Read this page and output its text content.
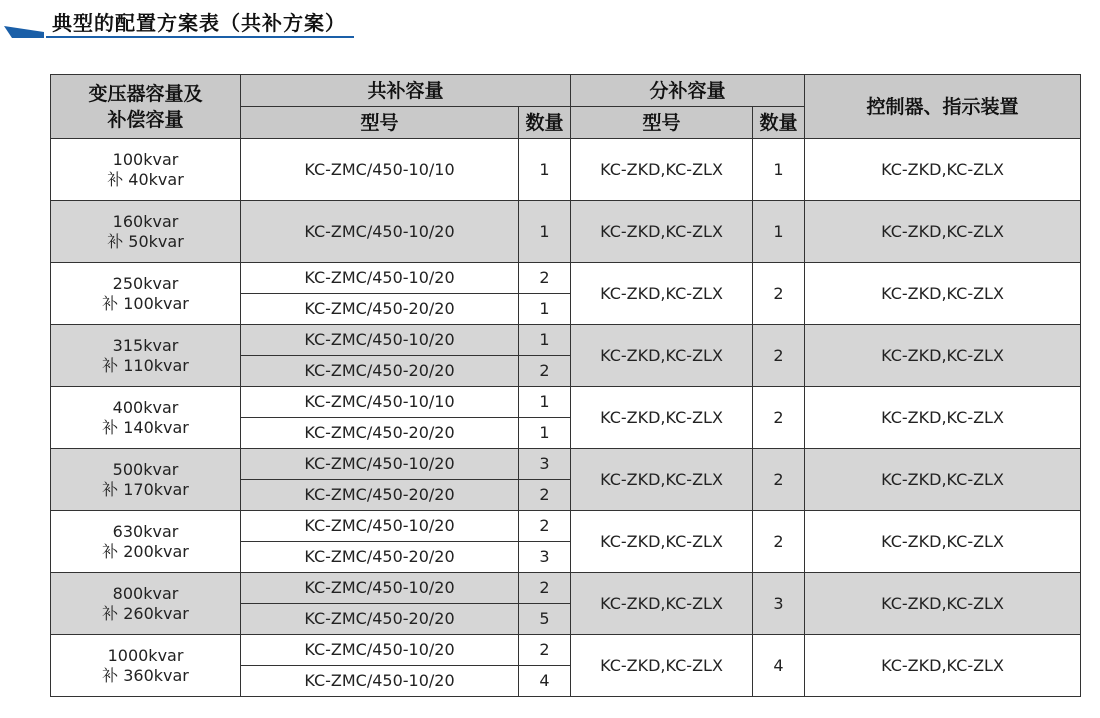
典型的配置方案表（共补方案）
变压器容量及
补偿容量	共补容量		分补容量		控制器、指示装置
	型号	数量	型号	数量	

100kvar
补 40kvar	KC-ZMC/450-10/10	1	KC-ZKD,KC-ZLX	1	KC-ZKD,KC-ZLX

160kvar
补 50kvar	KC-ZMC/450-10/20	1	KC-ZKD,KC-ZLX	1	KC-ZKD,KC-ZLX

250kvar
补 100kvar	KC-ZMC/450-10/20	2	KC-ZKD,KC-ZLX	2	KC-ZKD,KC-ZLX
	KC-ZMC/450-20/20	1			

315kvar
补 110kvar	KC-ZMC/450-10/20	1	KC-ZKD,KC-ZLX	2	KC-ZKD,KC-ZLX
	KC-ZMC/450-20/20	2			

400kvar
补 140kvar	KC-ZMC/450-10/10	1	KC-ZKD,KC-ZLX	2	KC-ZKD,KC-ZLX
	KC-ZMC/450-20/20	1			

500kvar
补 170kvar	KC-ZMC/450-10/20	3	KC-ZKD,KC-ZLX	2	KC-ZKD,KC-ZLX
	KC-ZMC/450-20/20	2			

630kvar
补 200kvar	KC-ZMC/450-10/20	2	KC-ZKD,KC-ZLX	2	KC-ZKD,KC-ZLX
	KC-ZMC/450-20/20	3			

800kvar
补 260kvar	KC-ZMC/450-10/20	2	KC-ZKD,KC-ZLX	3	KC-ZKD,KC-ZLX
	KC-ZMC/450-20/20	5			

1000kvar
补 360kvar	KC-ZMC/450-10/20	2	KC-ZKD,KC-ZLX	4	KC-ZKD,KC-ZLX
	KC-ZMC/450-10/20	4			
